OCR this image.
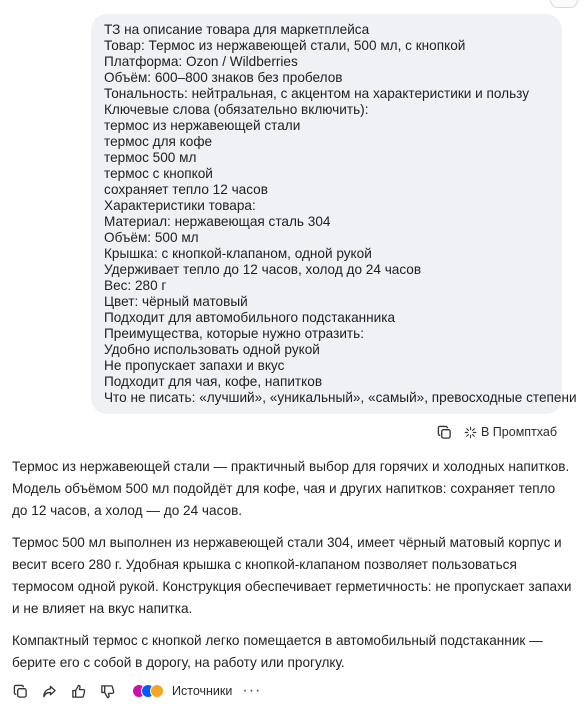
ТЗ на описание товара для маркетплейса
Товар: Термос из нержавеющей стали, 500 мл, с кнопкой
Платформа: Ozon / Wildberries
Объём: 600–800 знаков без пробелов
Тональность: нейтральная, с акцентом на характеристики и пользу
Ключевые слова (обязательно включить):
термос из нержавеющей стали
термос для кофе
термос 500 мл
термос с кнопкой
сохраняет тепло 12 часов
Характеристики товара:
Материал: нержавеющая сталь 304
Объём: 500 мл
Крышка: с кнопкой-клапаном, одной рукой
Удерживает тепло до 12 часов, холод до 24 часов
Вес: 280 г
Цвет: чёрный матовый
Подходит для автомобильного подстаканника
Преимущества, которые нужно отразить:
Удобно использовать одной рукой
Не пропускает запахи и вкус
Подходит для чая, кофе, напитков
Что не писать: «лучший», «уникальный», «самый», превосходные степени
В Промптхаб

Термос из нержавеющей стали — практичный выбор для горячих и холодных напитков. Модель объёмом 500 мл подойдёт для кофе, чая и других напитков: сохраняет тепло до 12 часов, а холод — до 24 часов.

Термос 500 мл выполнен из нержавеющей стали 304, имеет чёрный матовый корпус и весит всего 280 г. Удобная крышка с кнопкой-клапаном позволяет пользоваться термосом одной рукой. Конструкция обеспечивает герметичность: не пропускает запахи и не влияет на вкус напитка.

Компактный термос с кнопкой легко помещается в автомобильный подстаканник — берите его с собой в дорогу, на работу или прогулку.

Источники ···
